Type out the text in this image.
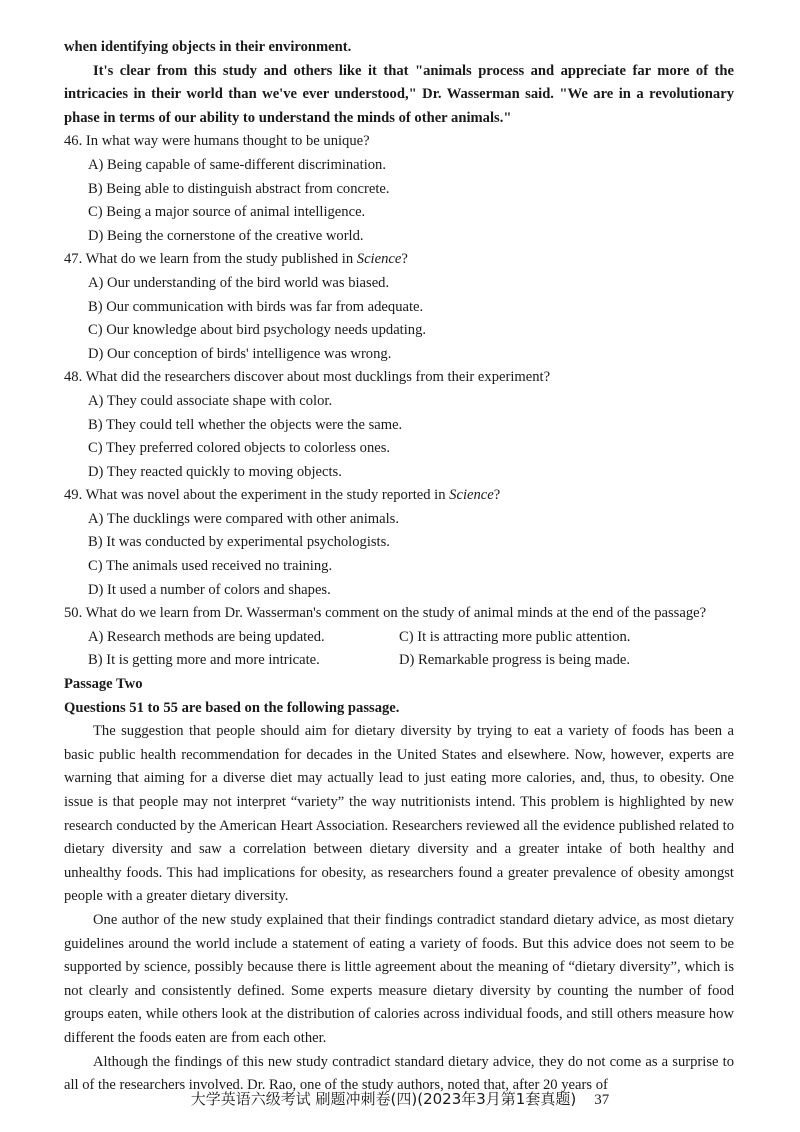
when identifying objects in their environment.

It's clear from this study and others like it that "animals process and appreciate far more of the intricacies in their world than we've ever understood," Dr. Wasserman said. "We are in a revolutionary phase in terms of our ability to understand the minds of other animals."

46. In what way were humans thought to be unique?

A) Being capable of same-different discrimination.

B) Being able to distinguish abstract from concrete.

C) Being a major source of animal intelligence.

D) Being the cornerstone of the creative world.

47. What do we learn from the study published in Science?

A) Our understanding of the bird world was biased.

B) Our communication with birds was far from adequate.

C) Our knowledge about bird psychology needs updating.

D) Our conception of birds' intelligence was wrong.

48. What did the researchers discover about most ducklings from their experiment?

A) They could associate shape with color.

B) They could tell whether the objects were the same.

C) They preferred colored objects to colorless ones.

D) They reacted quickly to moving objects.

49. What was novel about the experiment in the study reported in Science?

A) The ducklings were compared with other animals.

B) It was conducted by experimental psychologists.

C) The animals used received no training.

D) It used a number of colors and shapes.

50. What do we learn from Dr. Wasserman's comment on the study of animal minds at the end of the passage?

A) Research methods are being updated.	C) It is attracting more public attention.
B) It is getting more and more intricate.	D) Remarkable progress is being made.

Passage Two

Questions 51 to 55 are based on the following passage.

The suggestion that people should aim for dietary diversity by trying to eat a variety of foods has been a basic public health recommendation for decades in the United States and elsewhere. Now, however, experts are warning that aiming for a diverse diet may actually lead to just eating more calories, and, thus, to obesity. One issue is that people may not interpret “variety” the way nutritionists intend. This problem is highlighted by new research conducted by the American Heart Association. Researchers reviewed all the evidence published related to dietary diversity and saw a correlation between dietary diversity and a greater intake of both healthy and unhealthy foods. This had implications for obesity, as researchers found a greater prevalence of obesity amongst people with a greater dietary diversity.

One author of the new study explained that their findings contradict standard dietary advice, as most dietary guidelines around the world include a statement of eating a variety of foods. But this advice does not seem to be supported by science, possibly because there is little agreement about the meaning of “dietary diversity”, which is not clearly and consistently defined. Some experts measure dietary diversity by counting the number of food groups eaten, while others look at the distribution of calories across individual foods, and still others measure how different the foods eaten are from each other.

Although the findings of this new study contradict standard dietary advice, they do not come as a surprise to all of the researchers involved. Dr. Rao, one of the study authors, noted that, after 20 years of

大学英语六级考试 刷题冲刺卷(四)(2023年3月第1套真题) 37
